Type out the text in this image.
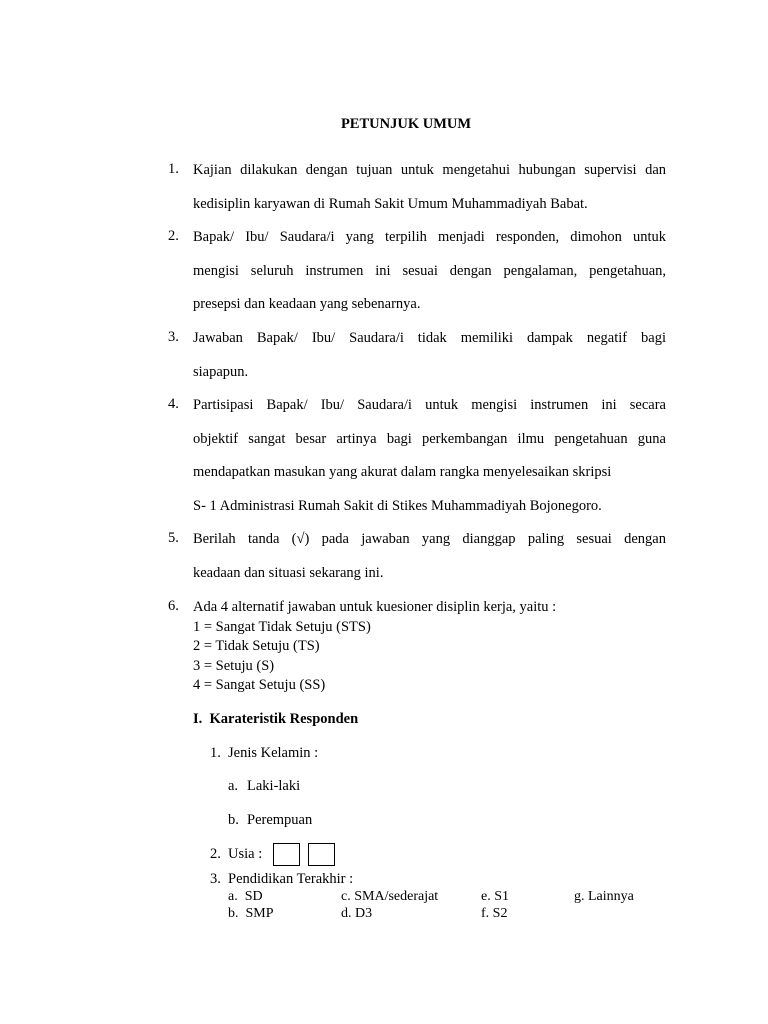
PETUNJUK UMUM
1. Kajian dilakukan dengan tujuan untuk mengetahui hubungan supervisi dan
kedisiplin karyawan di Rumah Sakit Umum Muhammadiyah Babat.
2. Bapak/ Ibu/ Saudara/i yang terpilih menjadi responden, dimohon untuk
mengisi seluruh instrumen ini sesuai dengan pengalaman, pengetahuan,
presepsi dan keadaan yang sebenarnya.
3. Jawaban Bapak/ Ibu/ Saudara/i tidak memiliki dampak negatif bagi
siapapun.
4. Partisipasi Bapak/ Ibu/ Saudara/i untuk mengisi instrumen ini secara
objektif sangat besar artinya bagi perkembangan ilmu pengetahuan guna
mendapatkan masukan yang akurat dalam rangka menyelesaikan skripsi
S- 1 Administrasi Rumah Sakit di Stikes Muhammadiyah Bojonegoro.
5. Berilah tanda (√) pada jawaban yang dianggap paling sesuai dengan
keadaan dan situasi sekarang ini.
6. Ada 4 alternatif jawaban untuk kuesioner disiplin kerja, yaitu :
1 = Sangat Tidak Setuju (STS)
2 = Tidak Setuju (TS)
3 = Setuju (S)
4 = Sangat Setuju (SS)
I.  Karateristik Responden
1. Jenis Kelamin :
a. Laki-laki
b. Perempuan
2. Usia :
3. Pendidikan Terakhir :
a. SD	c. SMA/sederajat	e. S1	g. Lainnya
b. SMP	d. D3	f. S2
